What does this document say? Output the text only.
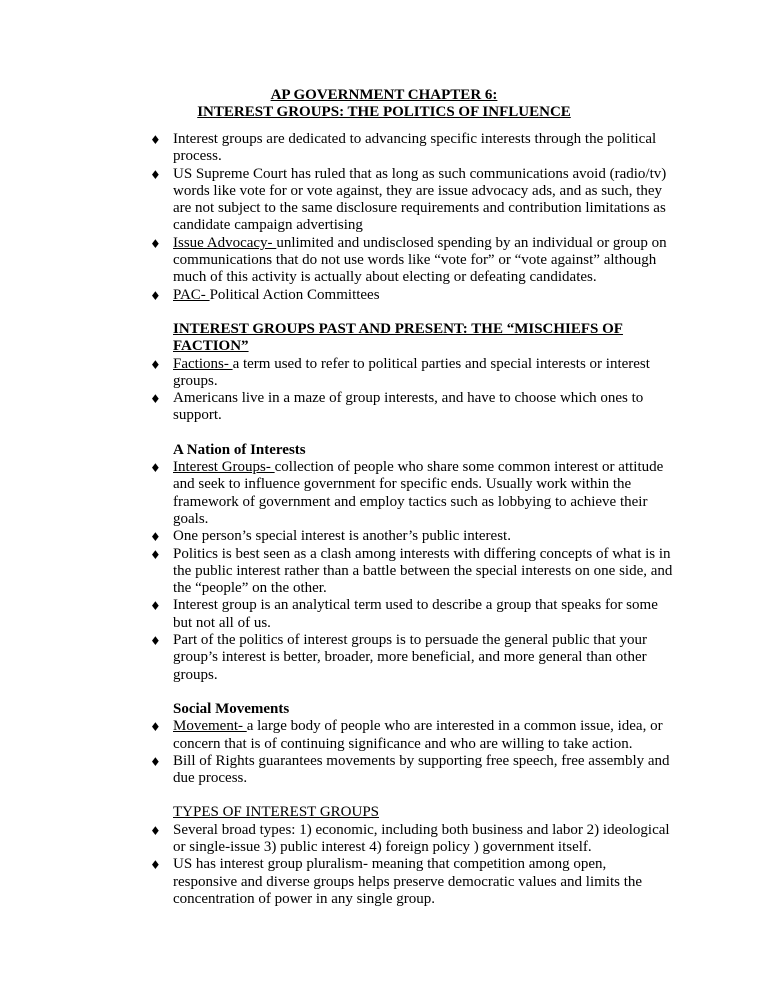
AP GOVERNMENT CHAPTER 6:
INTEREST GROUPS: THE POLITICS OF INFLUENCE
♦ Interest groups are dedicated to advancing specific interests through the political process.
♦ US Supreme Court has ruled that as long as such communications avoid (radio/tv) words like vote for or vote against, they are issue advocacy ads, and as such, they are not subject to the same disclosure requirements and contribution limitations as candidate campaign advertising
♦ Issue Advocacy- unlimited and undisclosed spending by an individual or group on communications that do not use words like “vote for” or “vote against” although much of this activity is actually about electing or defeating candidates.
♦ PAC- Political Action Committees
INTEREST GROUPS PAST AND PRESENT: THE “MISCHIEFS OF FACTION”
♦ Factions- a term used to refer to political parties and special interests or interest groups.
♦ Americans live in a maze of group interests, and have to choose which ones to support.
A Nation of Interests
♦ Interest Groups- collection of people who share some common interest or attitude and seek to influence government for specific ends. Usually work within the framework of government and employ tactics such as lobbying to achieve their goals.
♦ One person’s special interest is another’s public interest.
♦ Politics is best seen as a clash among interests with differing concepts of what is in the public interest rather than a battle between the special interests on one side, and the “people” on the other.
♦ Interest group is an analytical term used to describe a group that speaks for some but not all of us.
♦ Part of the politics of interest groups is to persuade the general public that your group’s interest is better, broader, more beneficial, and more general than other groups.
Social Movements
♦ Movement- a large body of people who are interested in a common issue, idea, or concern that is of continuing significance and who are willing to take action.
♦ Bill of Rights guarantees movements by supporting free speech, free assembly and due process.
TYPES OF INTEREST GROUPS
♦ Several broad types: 1) economic, including both business and labor 2) ideological or single-issue 3) public interest 4) foreign policy ) government itself.
♦ US has interest group pluralism- meaning that competition among open, responsive and diverse groups helps preserve democratic values and limits the concentration of power in any single group.
